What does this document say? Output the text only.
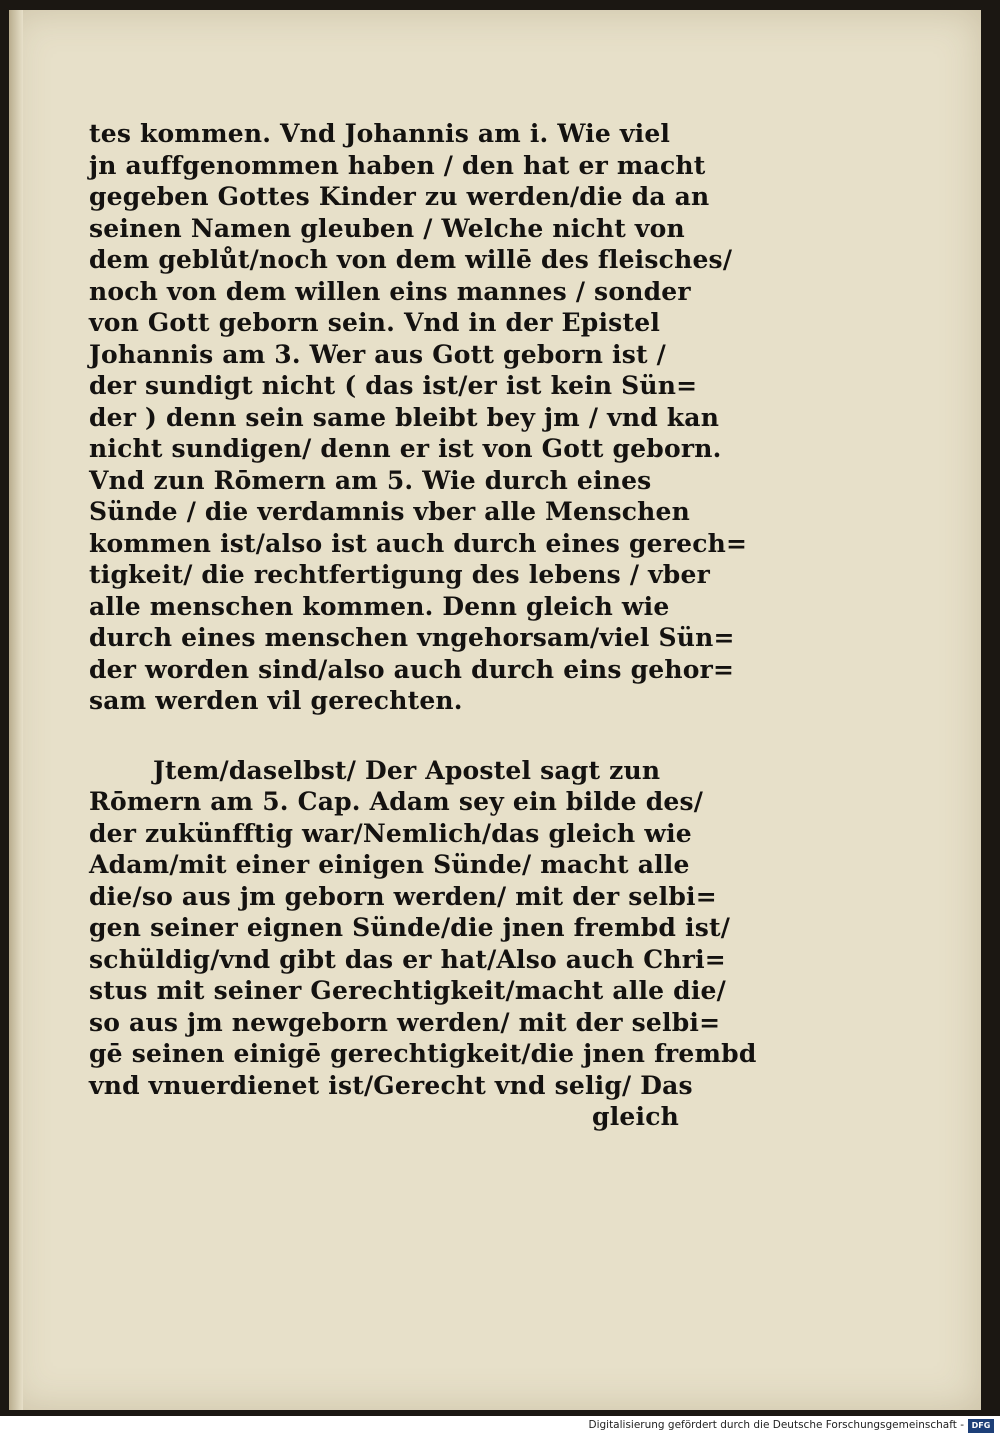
tes kommen. Vnd Johannis am i. Wie viel
jn auffgenommen haben / den hat er macht
gegeben Gottes Kinder zu werden/die da an
seinen Namen gleuben / Welche nicht von
dem geblůt/noch von dem willē des fleisches/
noch von dem willen eins mannes / sonder
von Gott geborn sein. Vnd in der Epistel
Johannis am 3. Wer aus Gott geborn ist /
der sundigt nicht ( das ist/er ist kein Sün=
der ) denn sein same bleibt bey jm / vnd kan
nicht sundigen/ denn er ist von Gott geborn.
Vnd zun Rōmern am 5. Wie durch eines
Sünde / die verdamnis vber alle Menschen
kommen ist/also ist auch durch eines gerech=
tigkeit/ die rechtfertigung des lebens / vber
alle menschen kommen. Denn gleich wie
durch eines menschen vngehorsam/viel Sün=
der worden sind/also auch durch eins gehor=
sam werden vil gerechten.
Jtem/daselbst/ Der Apostel sagt zun
Rōmern am 5. Cap. Adam sey ein bilde des/
der zukünfftig war/Nemlich/das gleich wie
Adam/mit einer einigen Sünde/ macht alle
die/so aus jm geborn werden/ mit der selbi=
gen seiner eignen Sünde/die jnen frembd ist/
schüldig/vnd gibt das er hat/Also auch Chri=
stus mit seiner Gerechtigkeit/macht alle die/
so aus jm newgeborn werden/ mit der selbi=
gē seinen einigē gerechtigkeit/die jnen frembd
vnd vnuerdienet ist/Gerecht vnd selig/ Das
gleich
Digitalisierung gefördert durch die Deutsche Forschungsgemeinschaft - DFG
